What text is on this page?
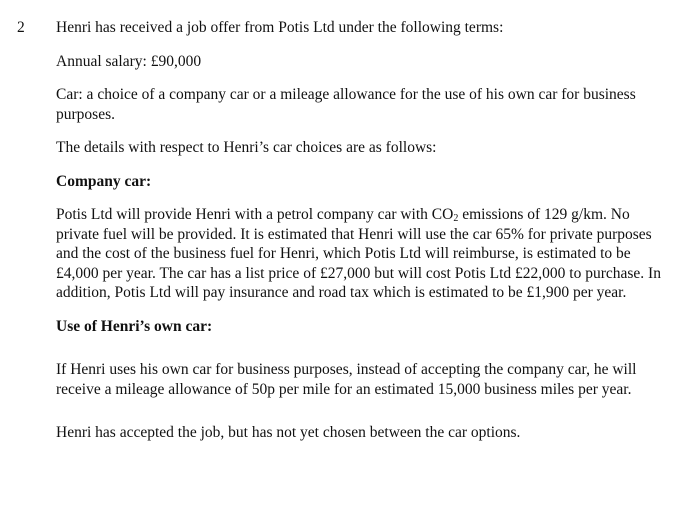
2 Henri has received a job offer from Potis Ltd under the following terms:

Annual salary: £90,000

Car: a choice of a company car or a mileage allowance for the use of his own car for business purposes.

The details with respect to Henri’s car choices are as follows:

Company car:

Potis Ltd will provide Henri with a petrol company car with $CO_2$ emissions of 129 g/km. No private fuel will be provided. It is estimated that Henri will use the car 65% for private purposes and the cost of the business fuel for Henri, which Potis Ltd will reimburse, is estimated to be £4,000 per year. The car has a list price of £27,000 but will cost Potis Ltd £22,000 to purchase. In addition, Potis Ltd will pay insurance and road tax which is estimated to be £1,900 per year.

Use of Henri’s own car:

If Henri uses his own car for business purposes, instead of accepting the company car, he will receive a mileage allowance of 50p per mile for an estimated 15,000 business miles per year.

Henri has accepted the job, but has not yet chosen between the car options.
